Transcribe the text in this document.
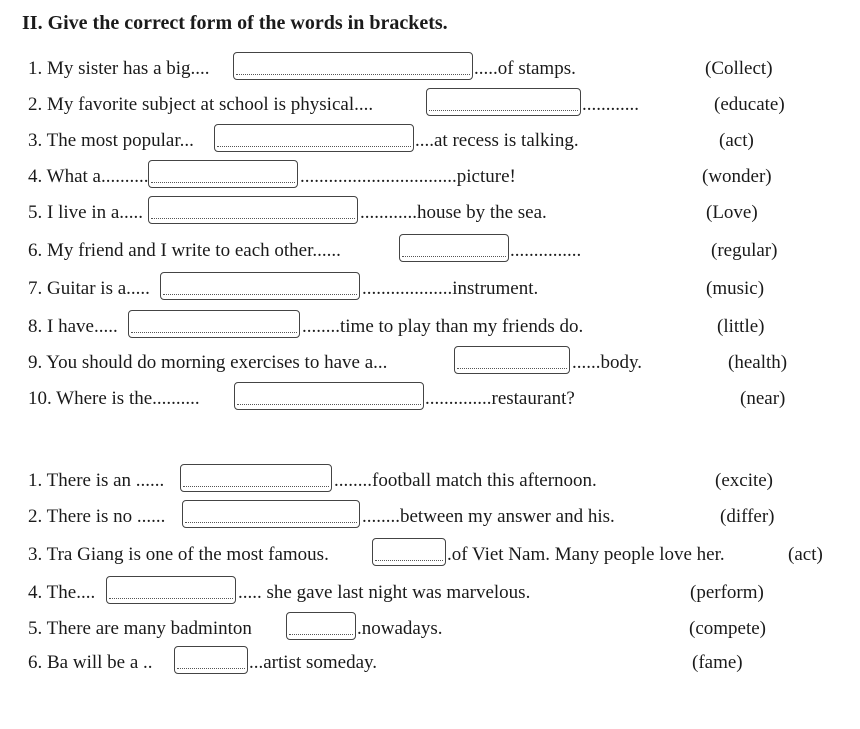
II. Give the correct form of the words in brackets.
1. My sister has a big....	.....of stamps.	(Collect)
2. My favorite subject at school is physical....	............	(educate)
3. The most popular...	....at recess is talking.	(act)
4. What a..........	.................................picture!	(wonder)
5. I live in a.....	............house by the sea.	(Love)
6. My friend and I write to each other......	...............	(regular)
7. Guitar is a.....	...................instrument.	(music)
8. I have.....	........time to play than my friends do.	(little)
9. You should do morning exercises to have a...	......body.	(health)
10. Where is the..........	..............restaurant?	(near)
1. There is an ......	........football match this afternoon.	(excite)
2. There is no ......	........between my answer and his.	(differ)
3. Tra Giang is one of the most famous.	.of Viet Nam. Many people love her.	(act)
4. The....	..... she gave last night was marvelous.	(perform)
5. There are many badminton	.nowadays.	(compete)
6. Ba will be a ..	...artist someday.	(fame)
